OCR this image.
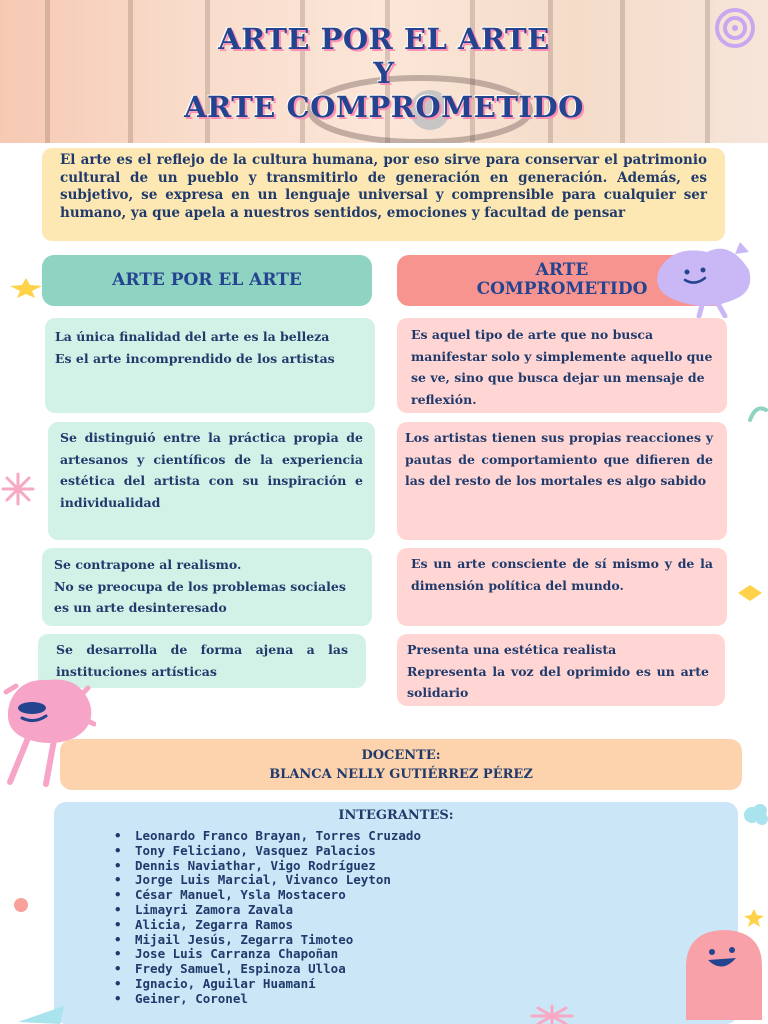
ARTE POR EL ARTE
Y
ARTE COMPROMETIDO
El arte es el reflejo de la cultura humana, por eso sirve para conservar el patrimonio cultural de un pueblo y transmitirlo de generación en generación. Además, es subjetivo, se expresa en un lenguaje universal y comprensible para cualquier ser humano, ya que apela a nuestros sentidos, emociones y facultad de pensar
ARTE POR EL ARTE	ARTE
COMPROMETIDO
La única finalidad del arte es la belleza
Es el arte incomprendido de los artistas
Se distinguió entre la práctica propia de artesanos y científicos de la experiencia estética del artista con su inspiración e individualidad
Se contrapone al realismo.
No se preocupa de los problemas sociales es un arte desinteresado
Se desarrolla de forma ajena a las instituciones artísticas
Es aquel tipo de arte que no busca manifestar solo y simplemente aquello que se ve, sino que busca dejar un mensaje de reflexión.
Los artistas tienen sus propias reacciones y pautas de comportamiento que difieren de las del resto de los mortales es algo sabido
Es un arte consciente de sí mismo y de la dimensión política del mundo.
Presenta una estética realista
Representa la voz del oprimido es un arte solidario
DOCENTE:
BLANCA NELLY GUTIÉRREZ PÉREZ
INTEGRANTES:
• Leonardo Franco Brayan, Torres Cruzado
• Tony Feliciano, Vasquez Palacios
• Dennis Naviathar, Vigo Rodríguez
• Jorge Luis Marcial, Vivanco Leyton
• César Manuel, Ysla Mostacero
• Limayri Zamora Zavala
• Alicia, Zegarra Ramos
• Mijail Jesús, Zegarra Timoteo
• Jose Luis Carranza Chapoñan
• Fredy Samuel, Espinoza Ulloa
• Ignacio, Aguilar Huamaní
• Geiner, Coronel
